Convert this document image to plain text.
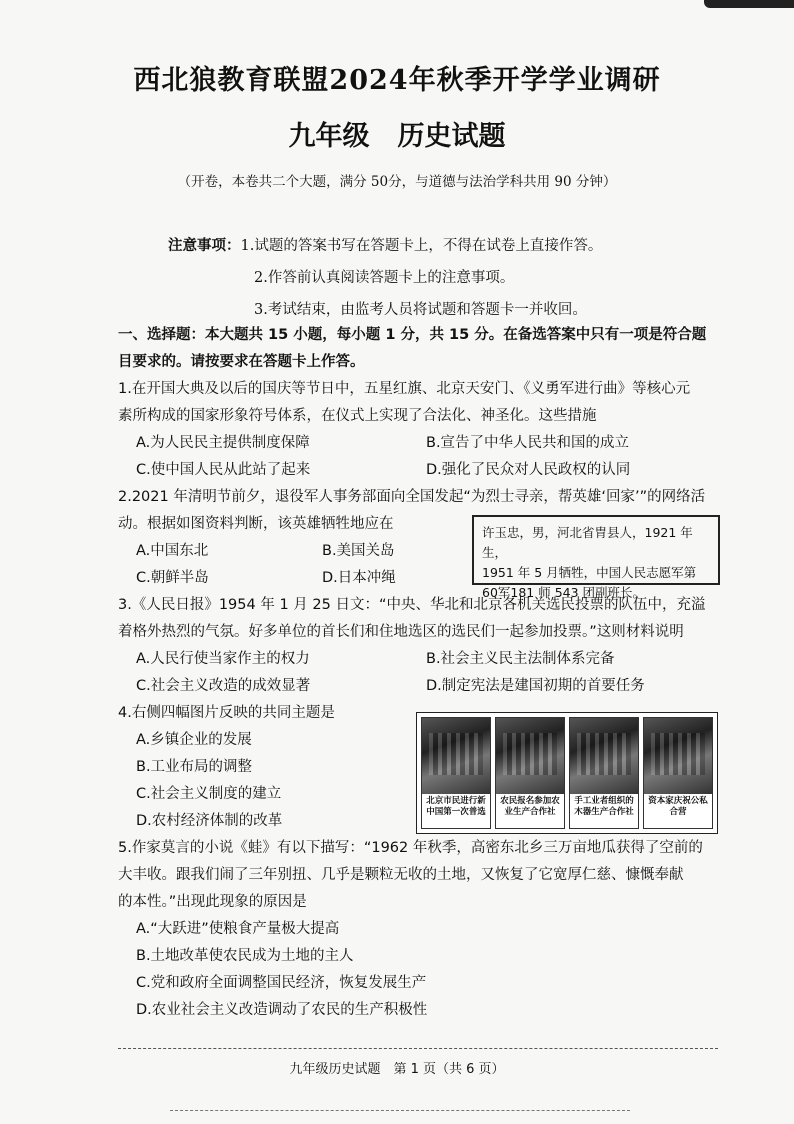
西北狼教育联盟2024年秋季开学学业调研
九年级 历史试题
（开卷，本卷共二个大题，满分 50分，与道德与法治学科共用 90 分钟）
注意事项：1.试题的答案书写在答题卡上，不得在试卷上直接作答。
2.作答前认真阅读答题卡上的注意事项。
3.考试结束，由监考人员将试题和答题卡一并收回。
一、选择题：本大题共 15 小题，每小题 1 分，共 15 分。在备选答案中只有一项是符合题
目要求的。请按要求在答题卡上作答。
1.在开国大典及以后的国庆等节日中，五星红旗、北京天安门、《义勇军进行曲》等核心元
素所构成的国家形象符号体系，在仪式上实现了合法化、神圣化。这些措施
A.为人民民主提供制度保障	B.宣告了中华人民共和国的成立
C.使中国人民从此站了起来	D.强化了民众对人民政权的认同
2.2021 年清明节前夕，退役军人事务部面向全国发起“为烈士寻亲，帮英雄‘回家’”的网络活
动。根据如图资料判断，该英雄牺牲地应在
A.中国东北	B.美国关岛
C.朝鲜半岛	D.日本冲绳
3.《人民日报》1954 年 1 月 25 日文：“中央、华北和北京各机关选民投票的队伍中，充溢
着格外热烈的气氛。好多单位的首长们和住地选区的选民们一起参加投票。”这则材料说明
A.人民行使当家作主的权力	B.社会主义民主法制体系完备
C.社会主义改造的成效显著	D.制定宪法是建国初期的首要任务
4.右侧四幅图片反映的共同主题是
A.乡镇企业的发展
B.工业布局的调整
C.社会主义制度的建立
D.农村经济体制的改革
5.作家莫言的小说《蛙》有以下描写：“1962 年秋季，高密东北乡三万亩地瓜获得了空前的
大丰收。跟我们闹了三年别扭、几乎是颗粒无收的土地，又恢复了它宽厚仁慈、慷慨奉献
的本性。”出现此现象的原因是
A.“大跃进”使粮食产量极大提高
B.土地改革使农民成为土地的主人
C.党和政府全面调整国民经济，恢复发展生产
D.农业社会主义改造调动了农民的生产积极性
许玉忠，男，河北省胄县人，1921 年生，
1951 年 5 月牺牲，中国人民志愿军第
60军181 师 543 团副班长。
北京市民进行新中国第一次普选
农民报名参加农业生产合作社
手工业者组织的木器生产合作社
资本家庆祝公私合营
九年级历史试题　第 1 页（共 6 页）
